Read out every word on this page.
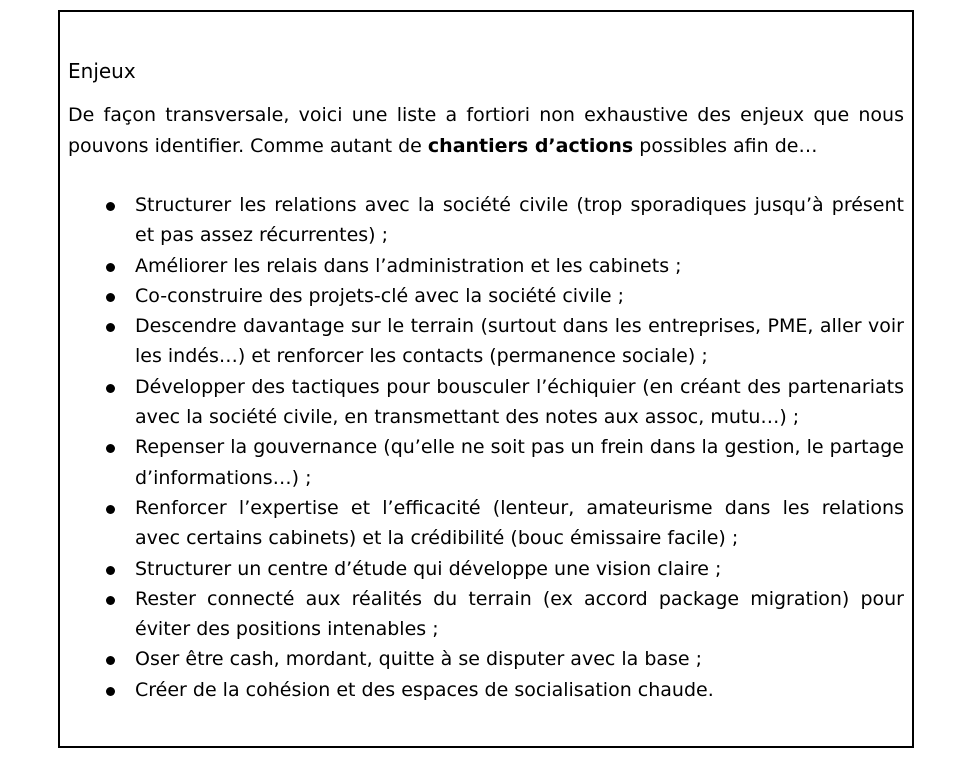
Enjeux

De façon transversale, voici une liste a fortiori non exhaustive des enjeux que nous pouvons identifier. Comme autant de chantiers d’actions possibles afin de…

Structurer les relations avec la société civile (trop sporadiques jusqu’à présent et pas assez récurrentes) ;
Améliorer les relais dans l’administration et les cabinets ;
Co-construire des projets-clé avec la société civile ;
Descendre davantage sur le terrain (surtout dans les entreprises, PME, aller voir les indés…) et renforcer les contacts (permanence sociale) ;
Développer des tactiques pour bousculer l’échiquier (en créant des partenariats avec la société civile, en transmettant des notes aux assoc, mutu…) ;
Repenser la gouvernance (qu’elle ne soit pas un frein dans la gestion, le partage d’informations…) ;
Renforcer l’expertise et l’efficacité (lenteur, amateurisme dans les relations avec certains cabinets) et la crédibilité (bouc émissaire facile) ;
Structurer un centre d’étude qui développe une vision claire ;
Rester connecté aux réalités du terrain (ex accord package migration) pour éviter des positions intenables ;
Oser être cash, mordant, quitte à se disputer avec la base ;
Créer de la cohésion et des espaces de socialisation chaude.
